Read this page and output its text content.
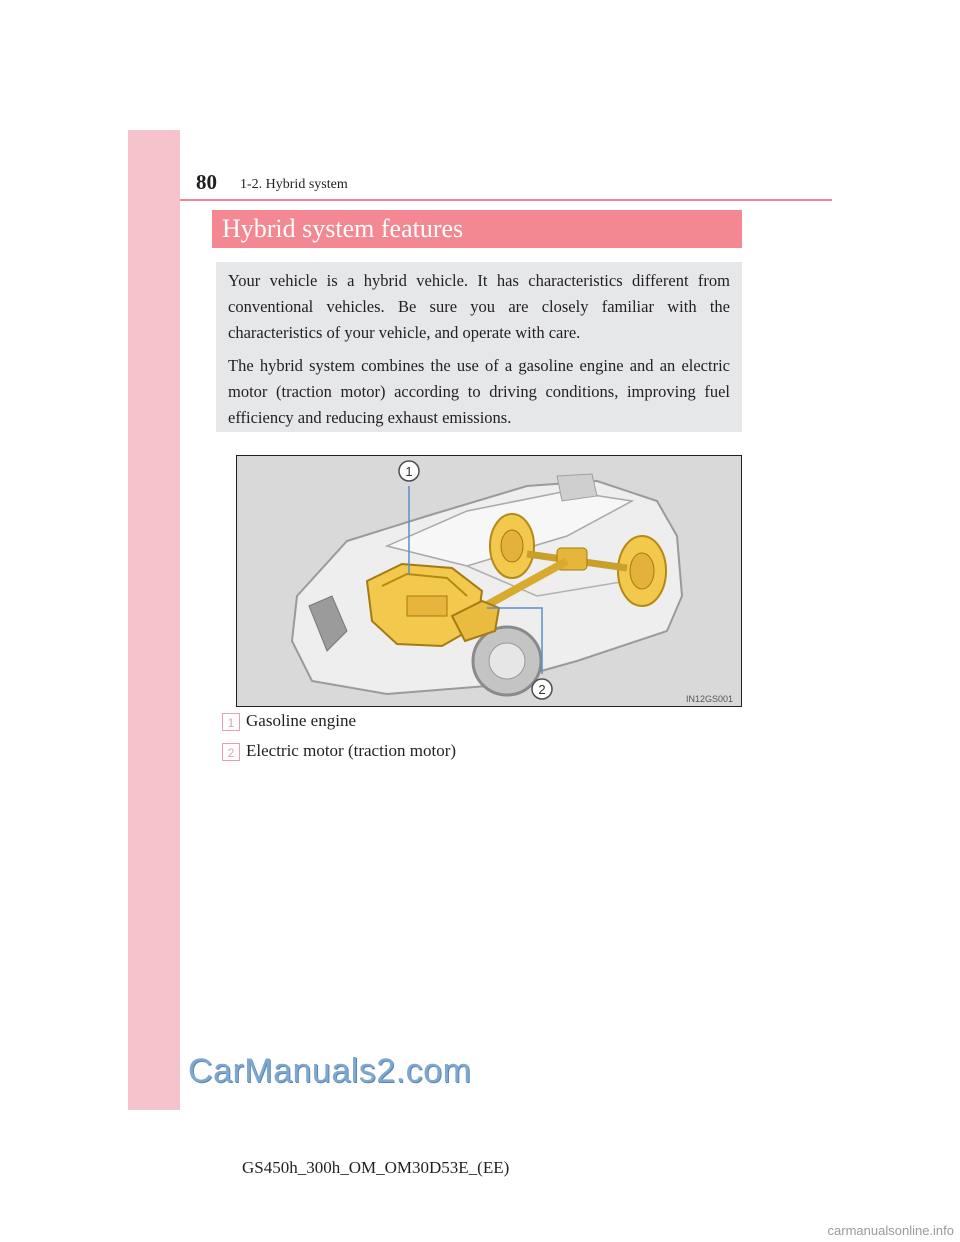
80 1-2. Hybrid system
Hybrid system features

Your vehicle is a hybrid vehicle. It has characteristics different from conventional vehicles. Be sure you are closely familiar with the characteristics of your vehicle, and operate with care.

The hybrid system combines the use of a gasoline engine and an electric motor (traction motor) according to driving conditions, improving fuel efficiency and reducing exhaust emissions.

1
2
IN12GS001
1 Gasoline engine
2 Electric motor (traction motor)
CarManuals2.com
GS450h_300h_OM_OM30D53E_(EE)
carmanualsonline.info
